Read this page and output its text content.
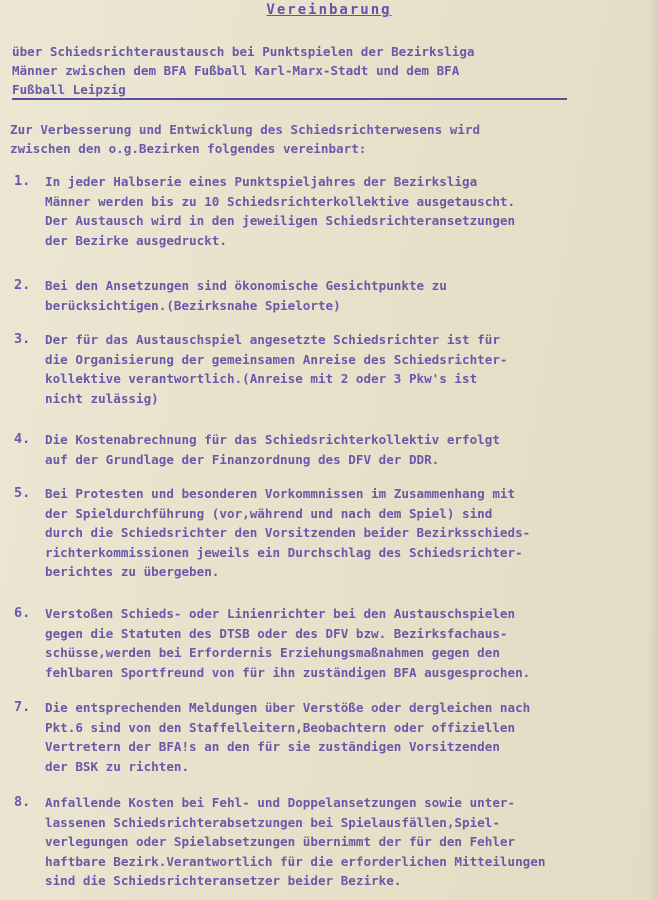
Vereinbarung
über Schiedsrichteraustausch bei Punktspielen der Bezirksliga
Männer zwischen dem BFA Fußball Karl-Marx-Stadt und dem BFA
Fußball Leipzig
Zur Verbesserung und Entwicklung des Schiedsrichterwesens wird
zwischen den o.g.Bezirken folgendes vereinbart:
1. In jeder Halbserie eines Punktspieljahres der Bezirksliga
Männer werden bis zu 10 Schiedsrichterkollektive ausgetauscht.
Der Austausch wird in den jeweiligen Schiedsrichteransetzungen
der Bezirke ausgedruckt.
2. Bei den Ansetzungen sind ökonomische Gesichtpunkte zu
berücksichtigen.(Bezirksnahe Spielorte)
3. Der für das Austauschspiel angesetzte Schiedsrichter ist für
die Organisierung der gemeinsamen Anreise des Schiedsrichter-
kollektive verantwortlich.(Anreise mit 2 oder 3 Pkw's ist
nicht zulässig)
4. Die Kostenabrechnung für das Schiedsrichterkollektiv erfolgt
auf der Grundlage der Finanzordnung des DFV der DDR.
5. Bei Protesten und besonderen Vorkommnissen im Zusammenhang mit
der Spieldurchführung (vor,während und nach dem Spiel) sind
durch die Schiedsrichter den Vorsitzenden beider Bezirksschieds-
richterkommissionen jeweils ein Durchschlag des Schiedsrichter-
berichtes zu übergeben.
6. Verstoßen Schieds- oder Linienrichter bei den Austauschspielen
gegen die Statuten des DTSB oder des DFV bzw. Bezirksfachaus-
schüsse,werden bei Erfordernis Erziehungsmaßnahmen gegen den
fehlbaren Sportfreund von für ihn zuständigen BFA ausgesprochen.
7. Die entsprechenden Meldungen über Verstöße oder dergleichen nach
Pkt.6 sind von den Staffelleitern,Beobachtern oder offiziellen
Vertretern der BFA!s an den für sie zuständigen Vorsitzenden
der BSK zu richten.
8. Anfallende Kosten bei Fehl- und Doppelansetzungen sowie unter-
lassenen Schiedsrichterabsetzungen bei Spielausfällen,Spiel-
verlegungen oder Spielabsetzungen übernimmt der für den Fehler
haftbare Bezirk.Verantwortlich für die erforderlichen Mitteilungen
sind die Schiedsrichteransetzer beider Bezirke.
